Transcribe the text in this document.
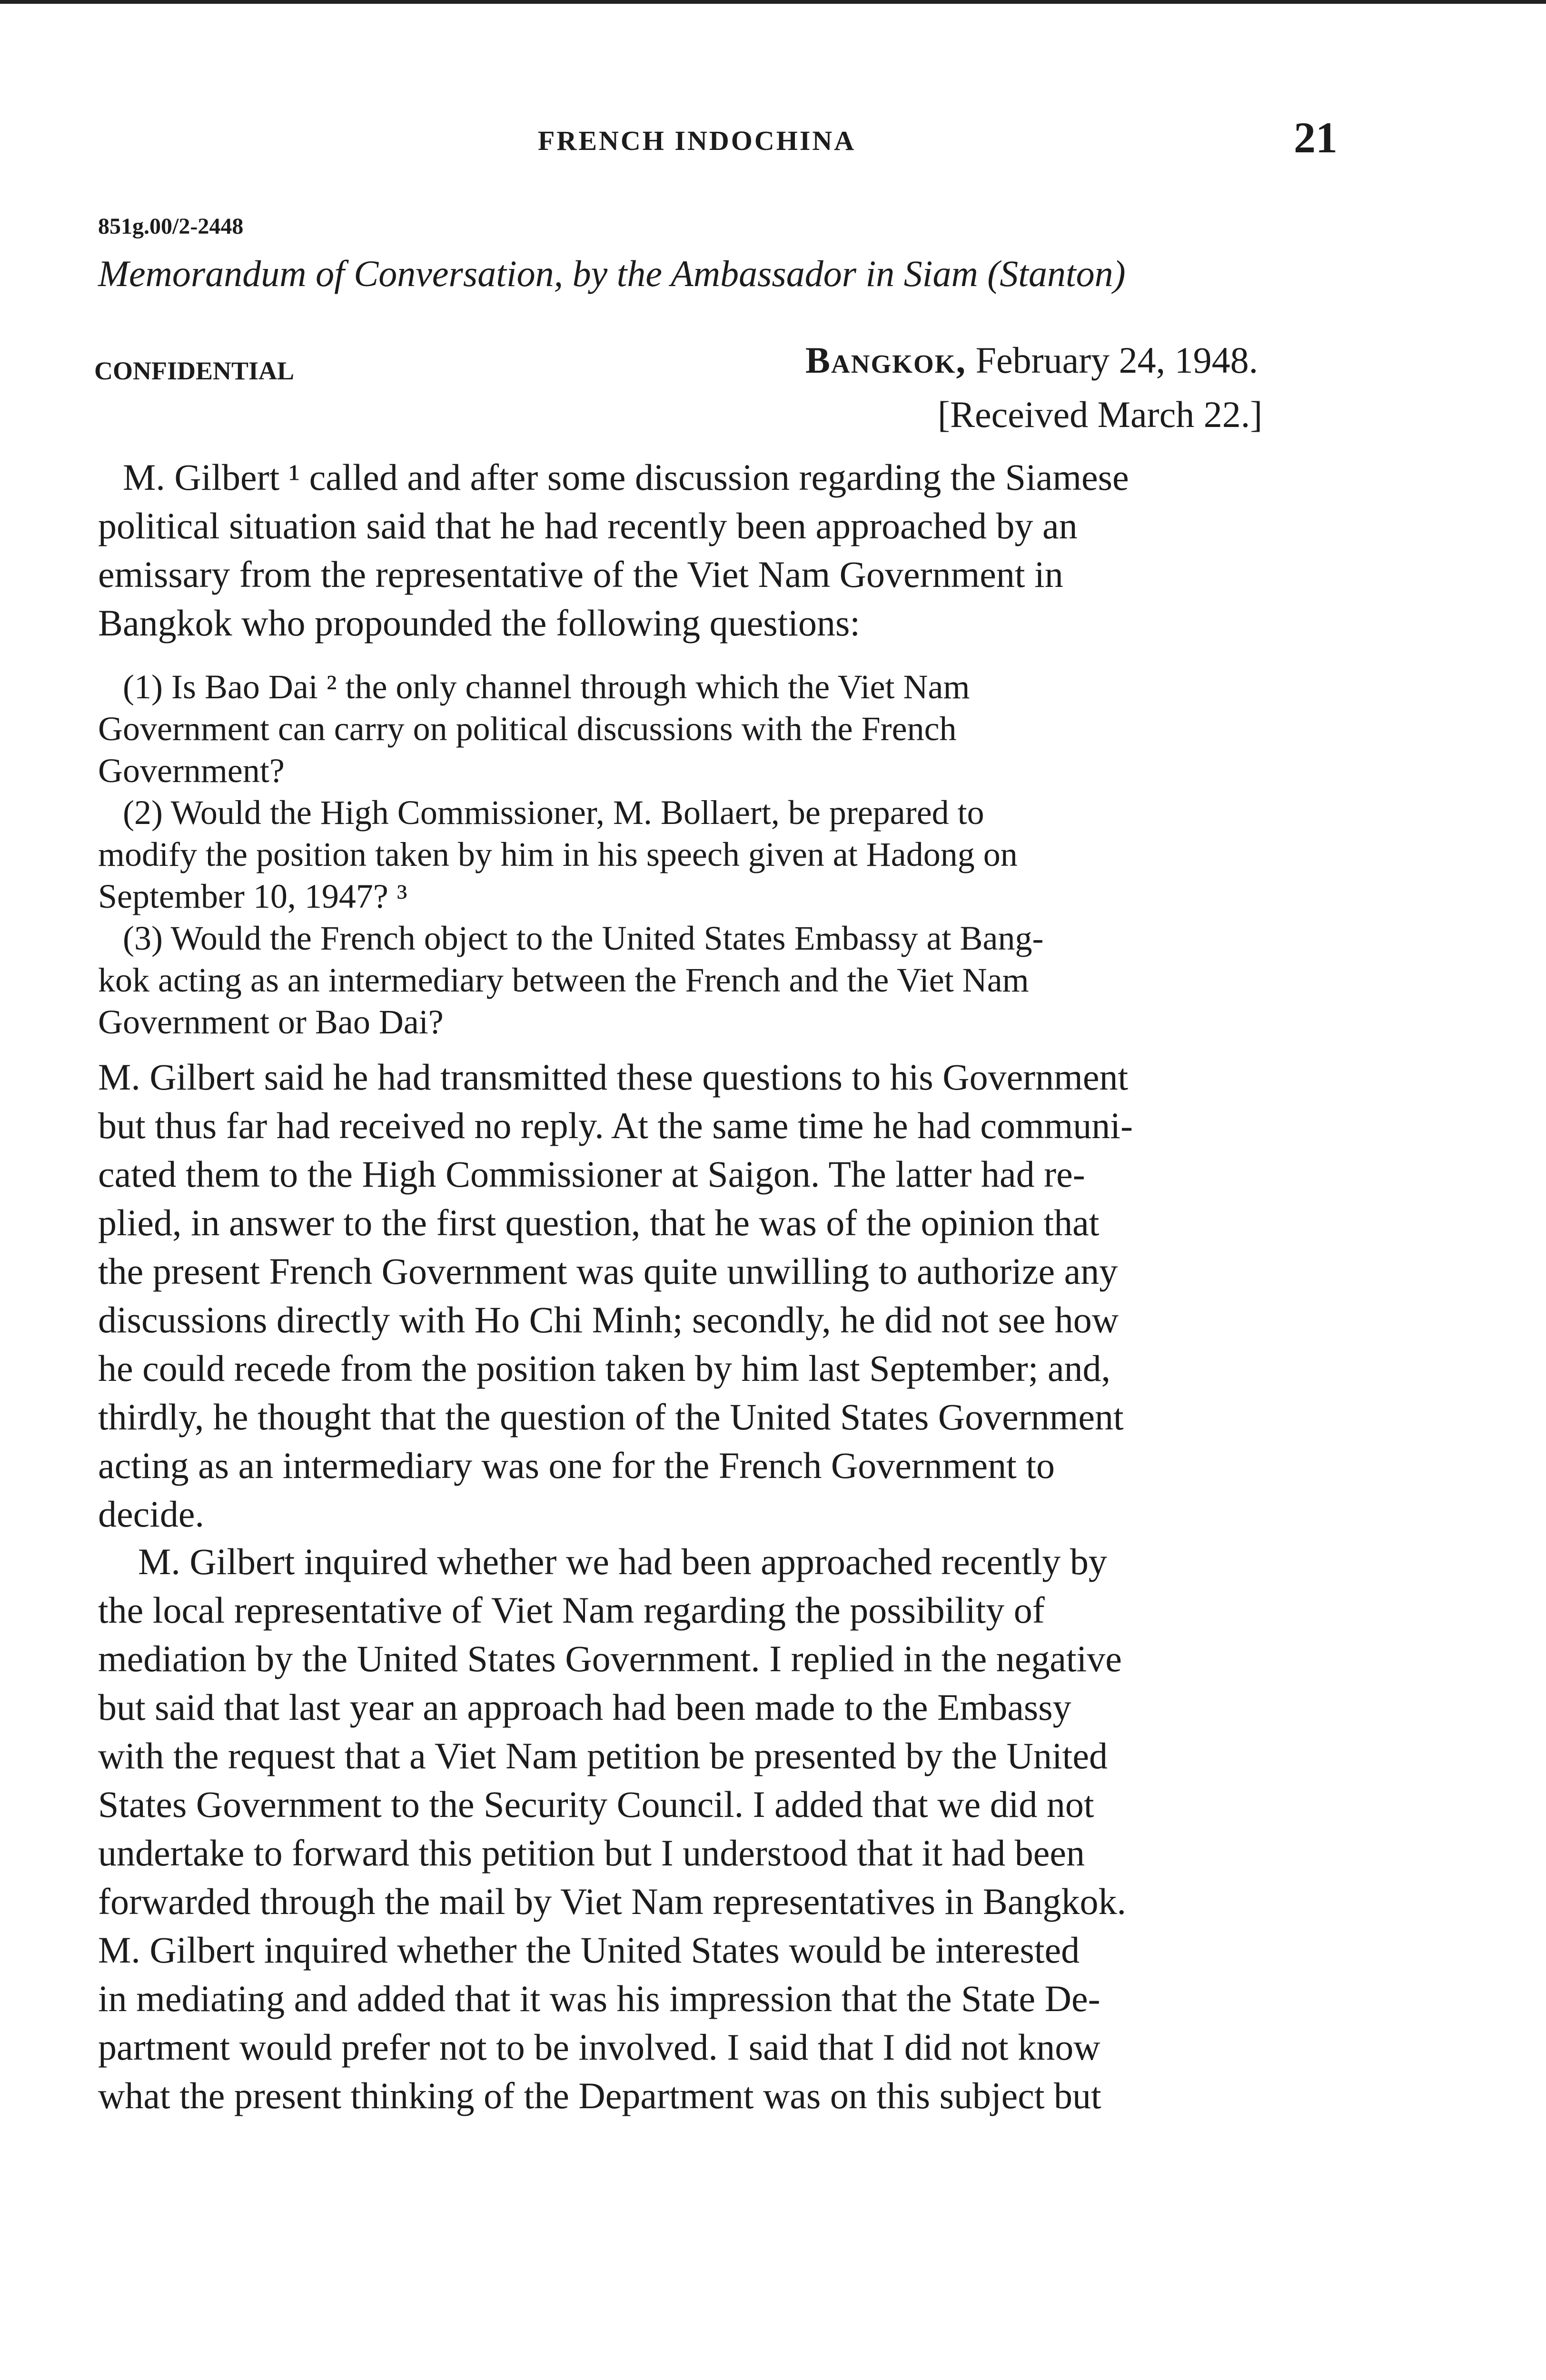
FRENCH INDOCHINA	21
851g.00/2-2448
Memorandum of Conversation, by the Ambassador in Siam (Stanton)
CONFIDENTIAL	Bangkok, February 24, 1948.
[Received March 22.]
M. Gilbert ¹ called and after some discussion regarding the Siamese
political situation said that he had recently been approached by an
emissary from the representative of the Viet Nam Government in
Bangkok who propounded the following questions:
(1) Is Bao Dai ² the only channel through which the Viet Nam
Government can carry on political discussions with the French
Government?
(2) Would the High Commissioner, M. Bollaert, be prepared to
modify the position taken by him in his speech given at Hadong on
September 10, 1947? ³
(3) Would the French object to the United States Embassy at Bang-
kok acting as an intermediary between the French and the Viet Nam
Government or Bao Dai?
M. Gilbert said he had transmitted these questions to his Government
but thus far had received no reply. At the same time he had communi-
cated them to the High Commissioner at Saigon. The latter had re-
plied, in answer to the first question, that he was of the opinion that
the present French Government was quite unwilling to authorize any
discussions directly with Ho Chi Minh; secondly, he did not see how
he could recede from the position taken by him last September; and,
thirdly, he thought that the question of the United States Government
acting as an intermediary was one for the French Government to
decide.
M. Gilbert inquired whether we had been approached recently by
the local representative of Viet Nam regarding the possibility of
mediation by the United States Government. I replied in the negative
but said that last year an approach had been made to the Embassy
with the request that a Viet Nam petition be presented by the United
States Government to the Security Council. I added that we did not
undertake to forward this petition but I understood that it had been
forwarded through the mail by Viet Nam representatives in Bangkok.
M. Gilbert inquired whether the United States would be interested
in mediating and added that it was his impression that the State De-
partment would prefer not to be involved. I said that I did not know
what the present thinking of the Department was on this subject but
